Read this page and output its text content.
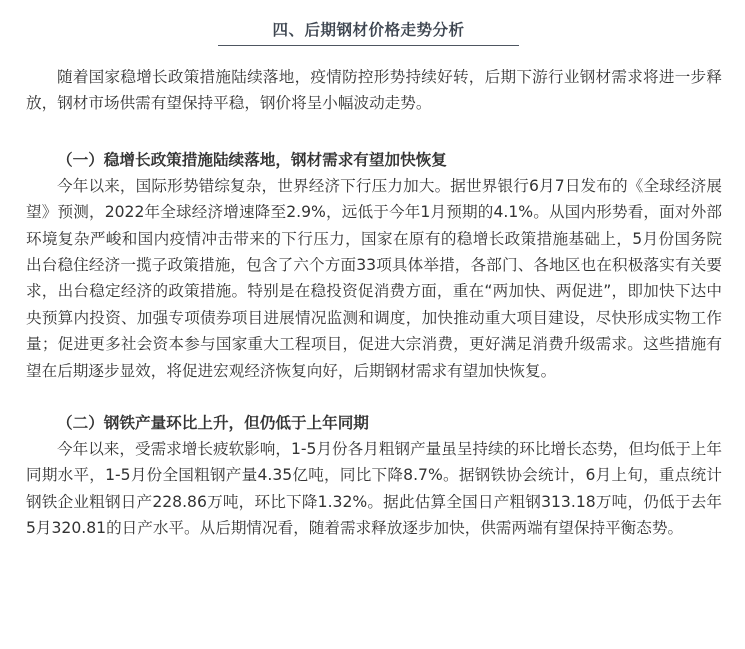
四、后期钢材价格走势分析

随着国家稳增长政策措施陆续落地，疫情防控形势持续好转，后期下游行业钢材需求将进一步释放，钢材市场供需有望保持平稳，钢价将呈小幅波动走势。

（一）稳增长政策措施陆续落地，钢材需求有望加快恢复

今年以来，国际形势错综复杂，世界经济下行压力加大。据世界银行6月7日发布的《全球经济展望》预测，2022年全球经济增速降至2.9%，远低于今年1月预期的4.1%。从国内形势看，面对外部环境复杂严峻和国内疫情冲击带来的下行压力，国家在原有的稳增长政策措施基础上，5月份国务院出台稳住经济一揽子政策措施，包含了六个方面33项具体举措，各部门、各地区也在积极落实有关要求，出台稳定经济的政策措施。特别是在稳投资促消费方面，重在“两加快、两促进”，即加快下达中央预算内投资、加强专项债券项目进展情况监测和调度，加快推动重大项目建设，尽快形成实物工作量；促进更多社会资本参与国家重大工程项目，促进大宗消费，更好满足消费升级需求。这些措施有望在后期逐步显效，将促进宏观经济恢复向好，后期钢材需求有望加快恢复。

（二）钢铁产量环比上升，但仍低于上年同期

今年以来，受需求增长疲软影响，1-5月份各月粗钢产量虽呈持续的环比增长态势，但均低于上年同期水平，1-5月份全国粗钢产量4.35亿吨，同比下降8.7%。据钢铁协会统计，6月上旬，重点统计钢铁企业粗钢日产228.86万吨，环比下降1.32%。据此估算全国日产粗钢313.18万吨，仍低于去年5月320.81的日产水平。从后期情况看，随着需求释放逐步加快，供需两端有望保持平衡态势。
